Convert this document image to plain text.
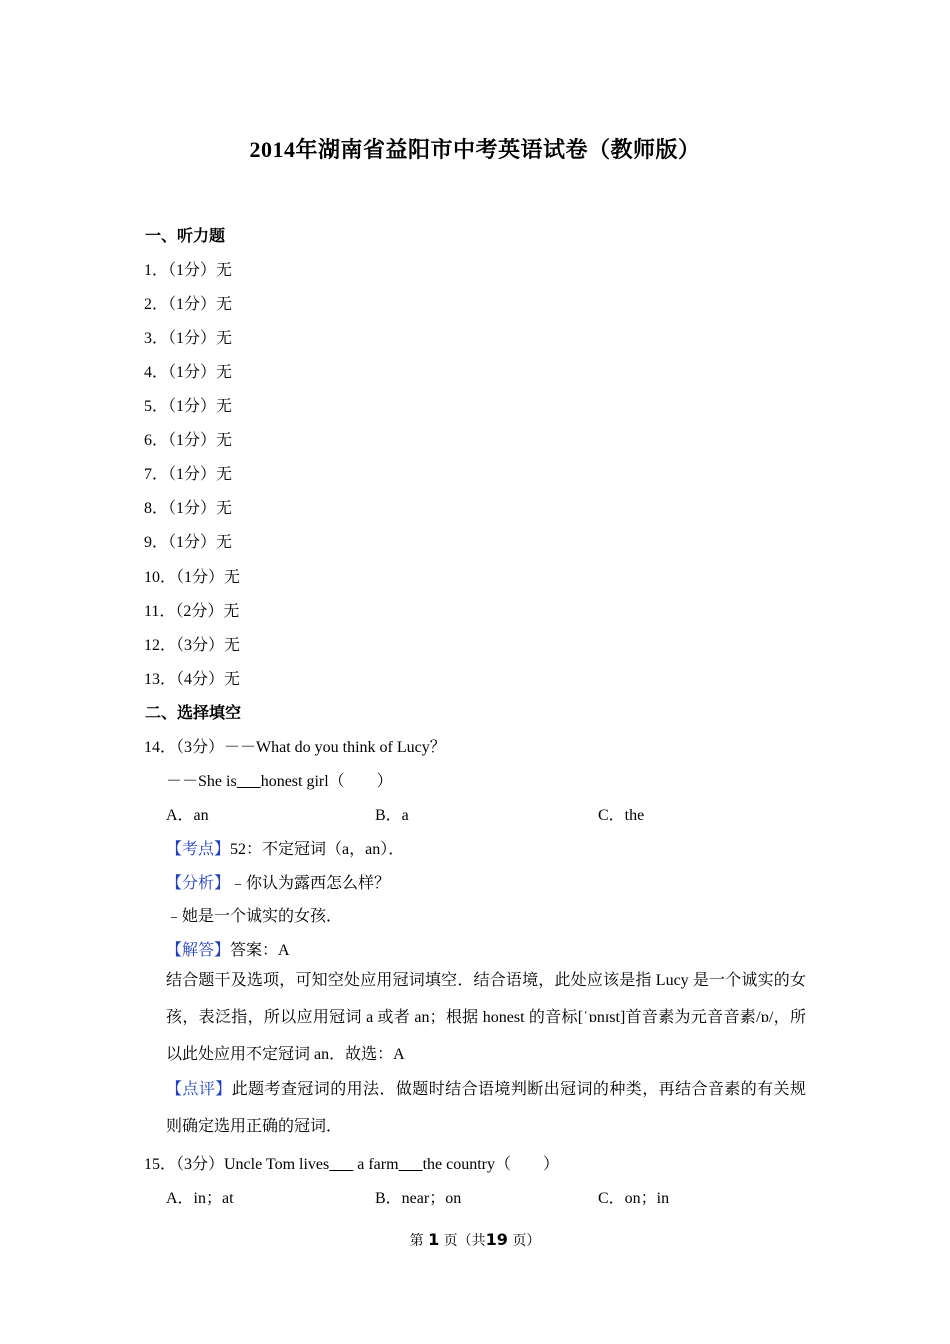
2014年湖南省益阳市中考英语试卷（教师版）
一、听力题
1．（1分）无
2．（1分）无
3．（1分）无
4．（1分）无
5．（1分）无
6．（1分）无
7．（1分）无
8．（1分）无
9．（1分）无
10．（1分）无
11．（2分）无
12．（3分）无
13．（4分）无
二、选择填空
14．（3分）－－What do you think of Lucy？
－－She is honest girl（　　）
A．an	B．a	C．the
【考点】52：不定冠词（a，an）．
【分析】﹣你认为露西怎么样？
﹣她是一个诚实的女孩．
【解答】答案：A
结合题干及选项，可知空处应用冠词填空．结合语境，此处应该是指 Lucy 是一个诚实的女孩，表泛指，所以应用冠词 a 或者 an；根据 honest 的音标[ˈɒnɪst]首音素为元音音素/ɒ/，所以此处应用不定冠词 an．故选：A
【点评】此题考查冠词的用法．做题时结合语境判断出冠词的种类，再结合音素的有关规则确定选用正确的冠词．
15．（3分）Uncle Tom lives       a farm the country（　　）
A．in；at	B．near；on	C．on；in
第 1 页（共19 页）
